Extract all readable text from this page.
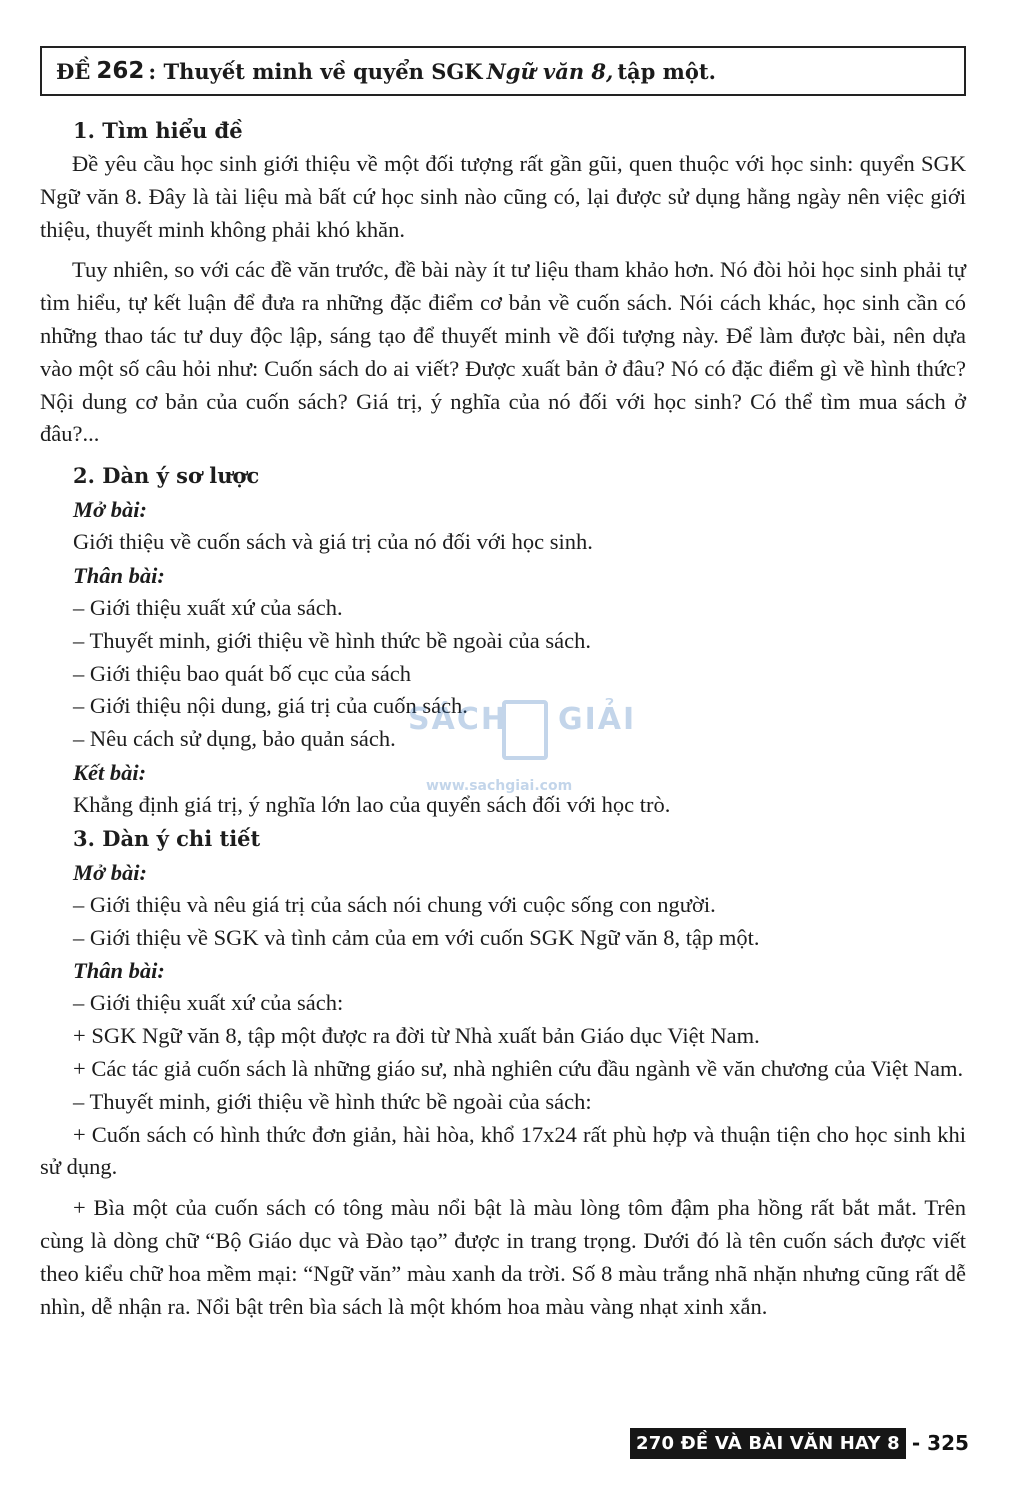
ĐỀ 262 : Thuyết minh về quyển SGK Ngữ văn 8, tập một.

1. Tìm hiểu đề

Đề yêu cầu học sinh giới thiệu về một đối tượng rất gần gũi, quen thuộc với học sinh: quyển SGK Ngữ văn 8. Đây là tài liệu mà bất cứ học sinh nào cũng có, lại được sử dụng hằng ngày nên việc giới thiệu, thuyết minh không phải khó khăn.

Tuy nhiên, so với các đề văn trước, đề bài này ít tư liệu tham khảo hơn. Nó đòi hỏi học sinh phải tự tìm hiểu, tự kết luận để đưa ra những đặc điểm cơ bản về cuốn sách. Nói cách khác, học sinh cần có những thao tác tư duy độc lập, sáng tạo để thuyết minh về đối tượng này. Để làm được bài, nên dựa vào một số câu hỏi như: Cuốn sách do ai viết? Được xuất bản ở đâu? Nó có đặc điểm gì về hình thức? Nội dung cơ bản của cuốn sách? Giá trị, ý nghĩa của nó đối với học sinh? Có thể tìm mua sách ở đâu?...

2. Dàn ý sơ lược

Mở bài:

Giới thiệu về cuốn sách và giá trị của nó đối với học sinh.

Thân bài:

– Giới thiệu xuất xứ của sách.

– Thuyết minh, giới thiệu về hình thức bề ngoài của sách.

– Giới thiệu bao quát bố cục của sách

– Giới thiệu nội dung, giá trị của cuốn sách.

– Nêu cách sử dụng, bảo quản sách.

Kết bài:

Khẳng định giá trị, ý nghĩa lớn lao của quyển sách đối với học trò.

3. Dàn ý chi tiết

Mở bài:

– Giới thiệu và nêu giá trị của sách nói chung với cuộc sống con người.

– Giới thiệu về SGK và tình cảm của em với cuốn SGK Ngữ văn 8, tập một.

Thân bài:

– Giới thiệu xuất xứ của sách:

+ SGK Ngữ văn 8, tập một được ra đời từ Nhà xuất bản Giáo dục Việt Nam.

+ Các tác giả cuốn sách là những giáo sư, nhà nghiên cứu đầu ngành về văn chương của Việt Nam.

– Thuyết minh, giới thiệu về hình thức bề ngoài của sách:

+ Cuốn sách có hình thức đơn giản, hài hòa, khổ 17x24 rất phù hợp và thuận tiện cho học sinh khi sử dụng.

+ Bìa một của cuốn sách có tông màu nổi bật là màu lòng tôm đậm pha hồng rất bắt mắt. Trên cùng là dòng chữ “Bộ Giáo dục và Đào tạo” được in trang trọng. Dưới đó là tên cuốn sách được viết theo kiểu chữ hoa mềm mại: “Ngữ văn” màu xanh da trời. Số 8 màu trắng nhã nhặn nhưng cũng rất dễ nhìn, dễ nhận ra. Nổi bật trên bìa sách là một khóm hoa màu vàng nhạt xinh xắn.

SÁCH GIẢI
www.sachgiai.com
270 ĐỀ VÀ BÀI VĂN HAY 8 - 325
